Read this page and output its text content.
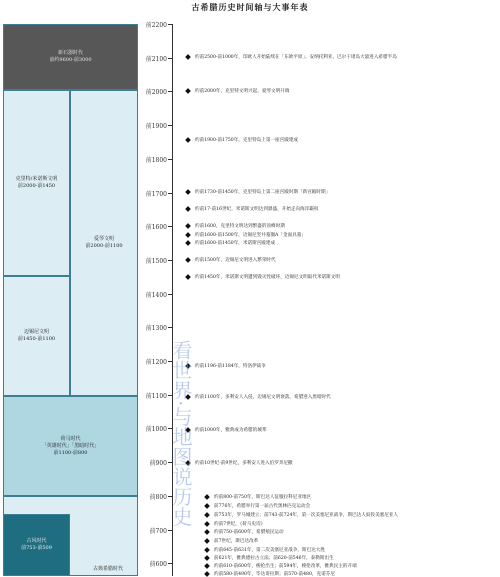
古希腊历史时间轴与大事年表
新石器时代
前约9600-前3000
克里特/米诺斯文明
前2000-前1450
爱琴文明
前2000-前1100
迈锡尼文明
前1450-前1100
荷马时代
「英雄时代」「黑暗时代」
前1100-前800
古风时代
前753-前509
古典希腊时代
前2200
前2100
前2000
前1900
前1800
前1700
前1600
前1500
前1400
前1300
前1200
前1100
前1000
前900
前800
前700
前600
约前2500-前1000年，印欧人开始陆续在「东欧平原」、安纳托利亚、巴尔干诸岛大量进入希腊半岛
约前2000年，克里特文明兴起，爱琴文明开端
约前1900-前1750年，克里特岛上第一座宫殿建成
约前1730-前1450年，克里特岛上第二座宫殿时期「新宫殿时期」
约前17-前16世纪，米诺斯文明达到鼎盛，开始走向海洋霸权
约前1600，克里特文明达到繁盛的顶峰时期
约前1600-前1500年，迈锡尼竖井墓圈A「金面具墓」
约前1600-前1450年，米诺斯宫殿建成
约前1500年，迈锡尼文明进入繁荣时代
约前1450年，米诺斯文明遭到毁灭性破坏，迈锡尼文明取代米诺斯文明
约前1196-前1184年，特洛伊战争
约前1100年，多利安人入侵，迈锡尼文明衰落，希腊进入黑暗时代
约前1000年，雅典成为希腊的城邦
约前10世纪-前9世纪，多利安人进入伯罗奔尼撒
约前800-前750年，斯巴达人征服拉科尼亚地区
前776年，希腊举行第一届古代奥林匹克运动会
前753年，罗马城建立；前743-前724年，第一次美塞尼亚战争，斯巴达人奴役美塞尼亚人
约前7世纪，《荷马史诗》
约前750-前600年，希腊殖民运动
前7世纪，斯巴达改革
约前645-前631年，第二次美塞尼亚战争，斯巴达大胜
前621年，雅典德拉古立法；前620-前546年，泰勒斯出生
约前610-前600年，梭伦出生；前594年，梭伦改革，雅典民主的开端
约前580-前490年，毕达哥拉斯；前570-前480，克诺芬尼
看世界·与地图说历史
